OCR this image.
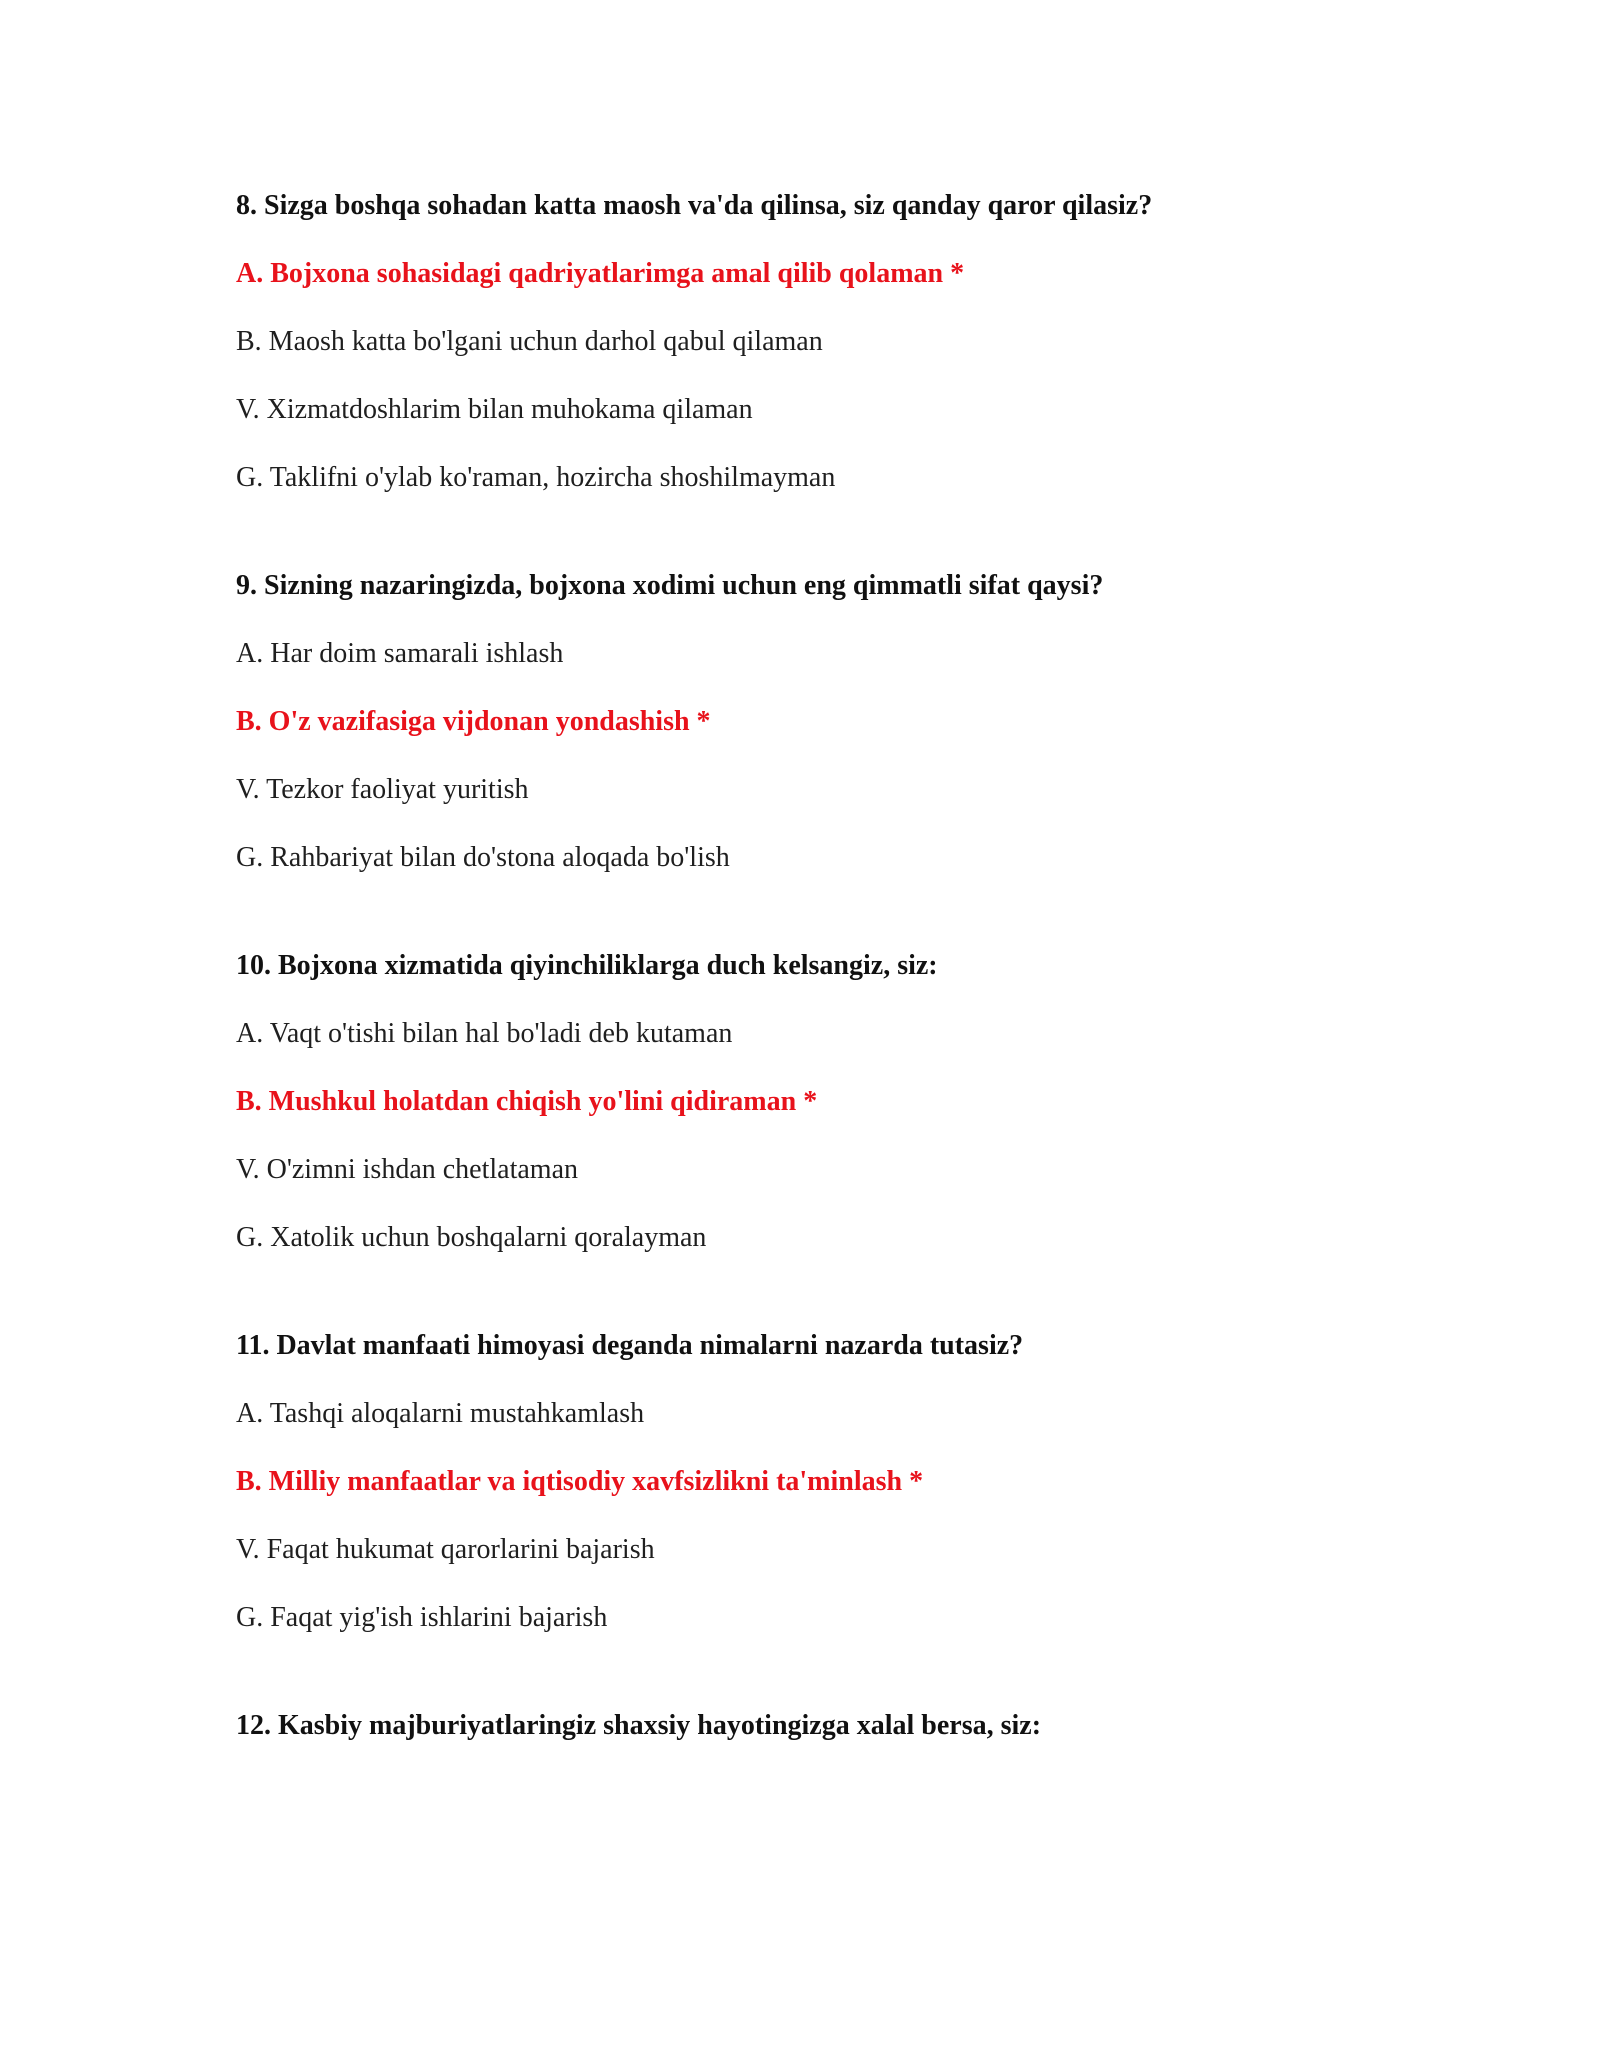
8. Sizga boshqa sohadan katta maosh va'da qilinsa, siz qanday qaror qilasiz?

A. Bojxona sohasidagi qadriyatlarimga amal qilib qolaman *

B. Maosh katta bo'lgani uchun darhol qabul qilaman

V. Xizmatdoshlarim bilan muhokama qilaman

G. Taklifni o'ylab ko'raman, hozircha shoshilmayman

9. Sizning nazaringizda, bojxona xodimi uchun eng qimmatli sifat qaysi?

A. Har doim samarali ishlash

B. O'z vazifasiga vijdonan yondashish *

V. Tezkor faoliyat yuritish

G. Rahbariyat bilan do'stona aloqada bo'lish

10. Bojxona xizmatida qiyinchiliklarga duch kelsangiz, siz:

A. Vaqt o'tishi bilan hal bo'ladi deb kutaman

B. Mushkul holatdan chiqish yo'lini qidiraman *

V. O'zimni ishdan chetlataman

G. Xatolik uchun boshqalarni qoralayman

11. Davlat manfaati himoyasi deganda nimalarni nazarda tutasiz?

A. Tashqi aloqalarni mustahkamlash

B. Milliy manfaatlar va iqtisodiy xavfsizlikni ta'minlash *

V. Faqat hukumat qarorlarini bajarish

G. Faqat yig'ish ishlarini bajarish

12. Kasbiy majburiyatlaringiz shaxsiy hayotingizga xalal bersa, siz:
